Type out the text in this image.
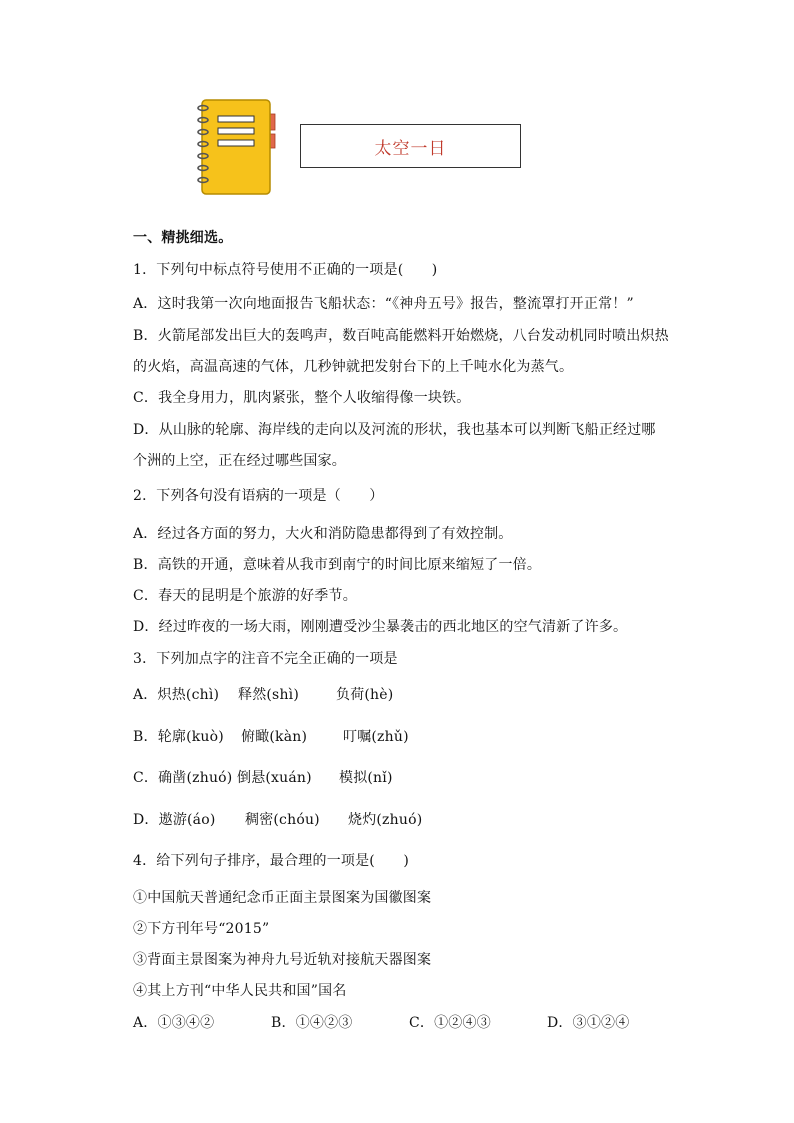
太空一日
一、精挑细选。
1．下列句中标点符号使用不正确的一项是(　　)
A．这时我第一次向地面报告飞船状态：“《神舟五号》报告，整流罩打开正常！”
B．火箭尾部发出巨大的轰鸣声，数百吨高能燃料开始燃烧，八台发动机同时喷出炽热
的火焰，高温高速的气体，几秒钟就把发射台下的上千吨水化为蒸气。
C．我全身用力，肌肉紧张，整个人收缩得像一块铁。
D．从山脉的轮廓、海岸线的走向以及河流的形状，我也基本可以判断飞船正经过哪
个洲的上空，正在经过哪些国家。
2．下列各句没有语病的一项是（　　）
A．经过各方面的努力，大火和消防隐患都得到了有效控制。
B．高铁的开通，意味着从我市到南宁的时间比原来缩短了一倍。
C．春天的昆明是个旅游的好季节。
D．经过昨夜的一场大雨，刚刚遭受沙尘暴袭击的西北地区的空气清新了许多。
3．下列加点字的注音不完全正确的一项是
A．炽热(chì) 释然(shì)	负荷(hè)
B．轮廓(kuò) 俯瞰(kàn)	叮嘱(zhǔ)
C．确凿(zhuó) 倒悬(xuán) 模拟(nǐ)
D．遨游(áo) 稠密(chóu) 烧灼(zhuó)
4．给下列句子排序，最合理的一项是(　　)
①中国航天普通纪念币正面主景图案为国徽图案
②下方刊年号“2015”
③背面主景图案为神舟九号近轨对接航天器图案
④其上方刊“中华人民共和国”国名
A．①③④②	B．①④②③	C．①②④③	D．③①②④
